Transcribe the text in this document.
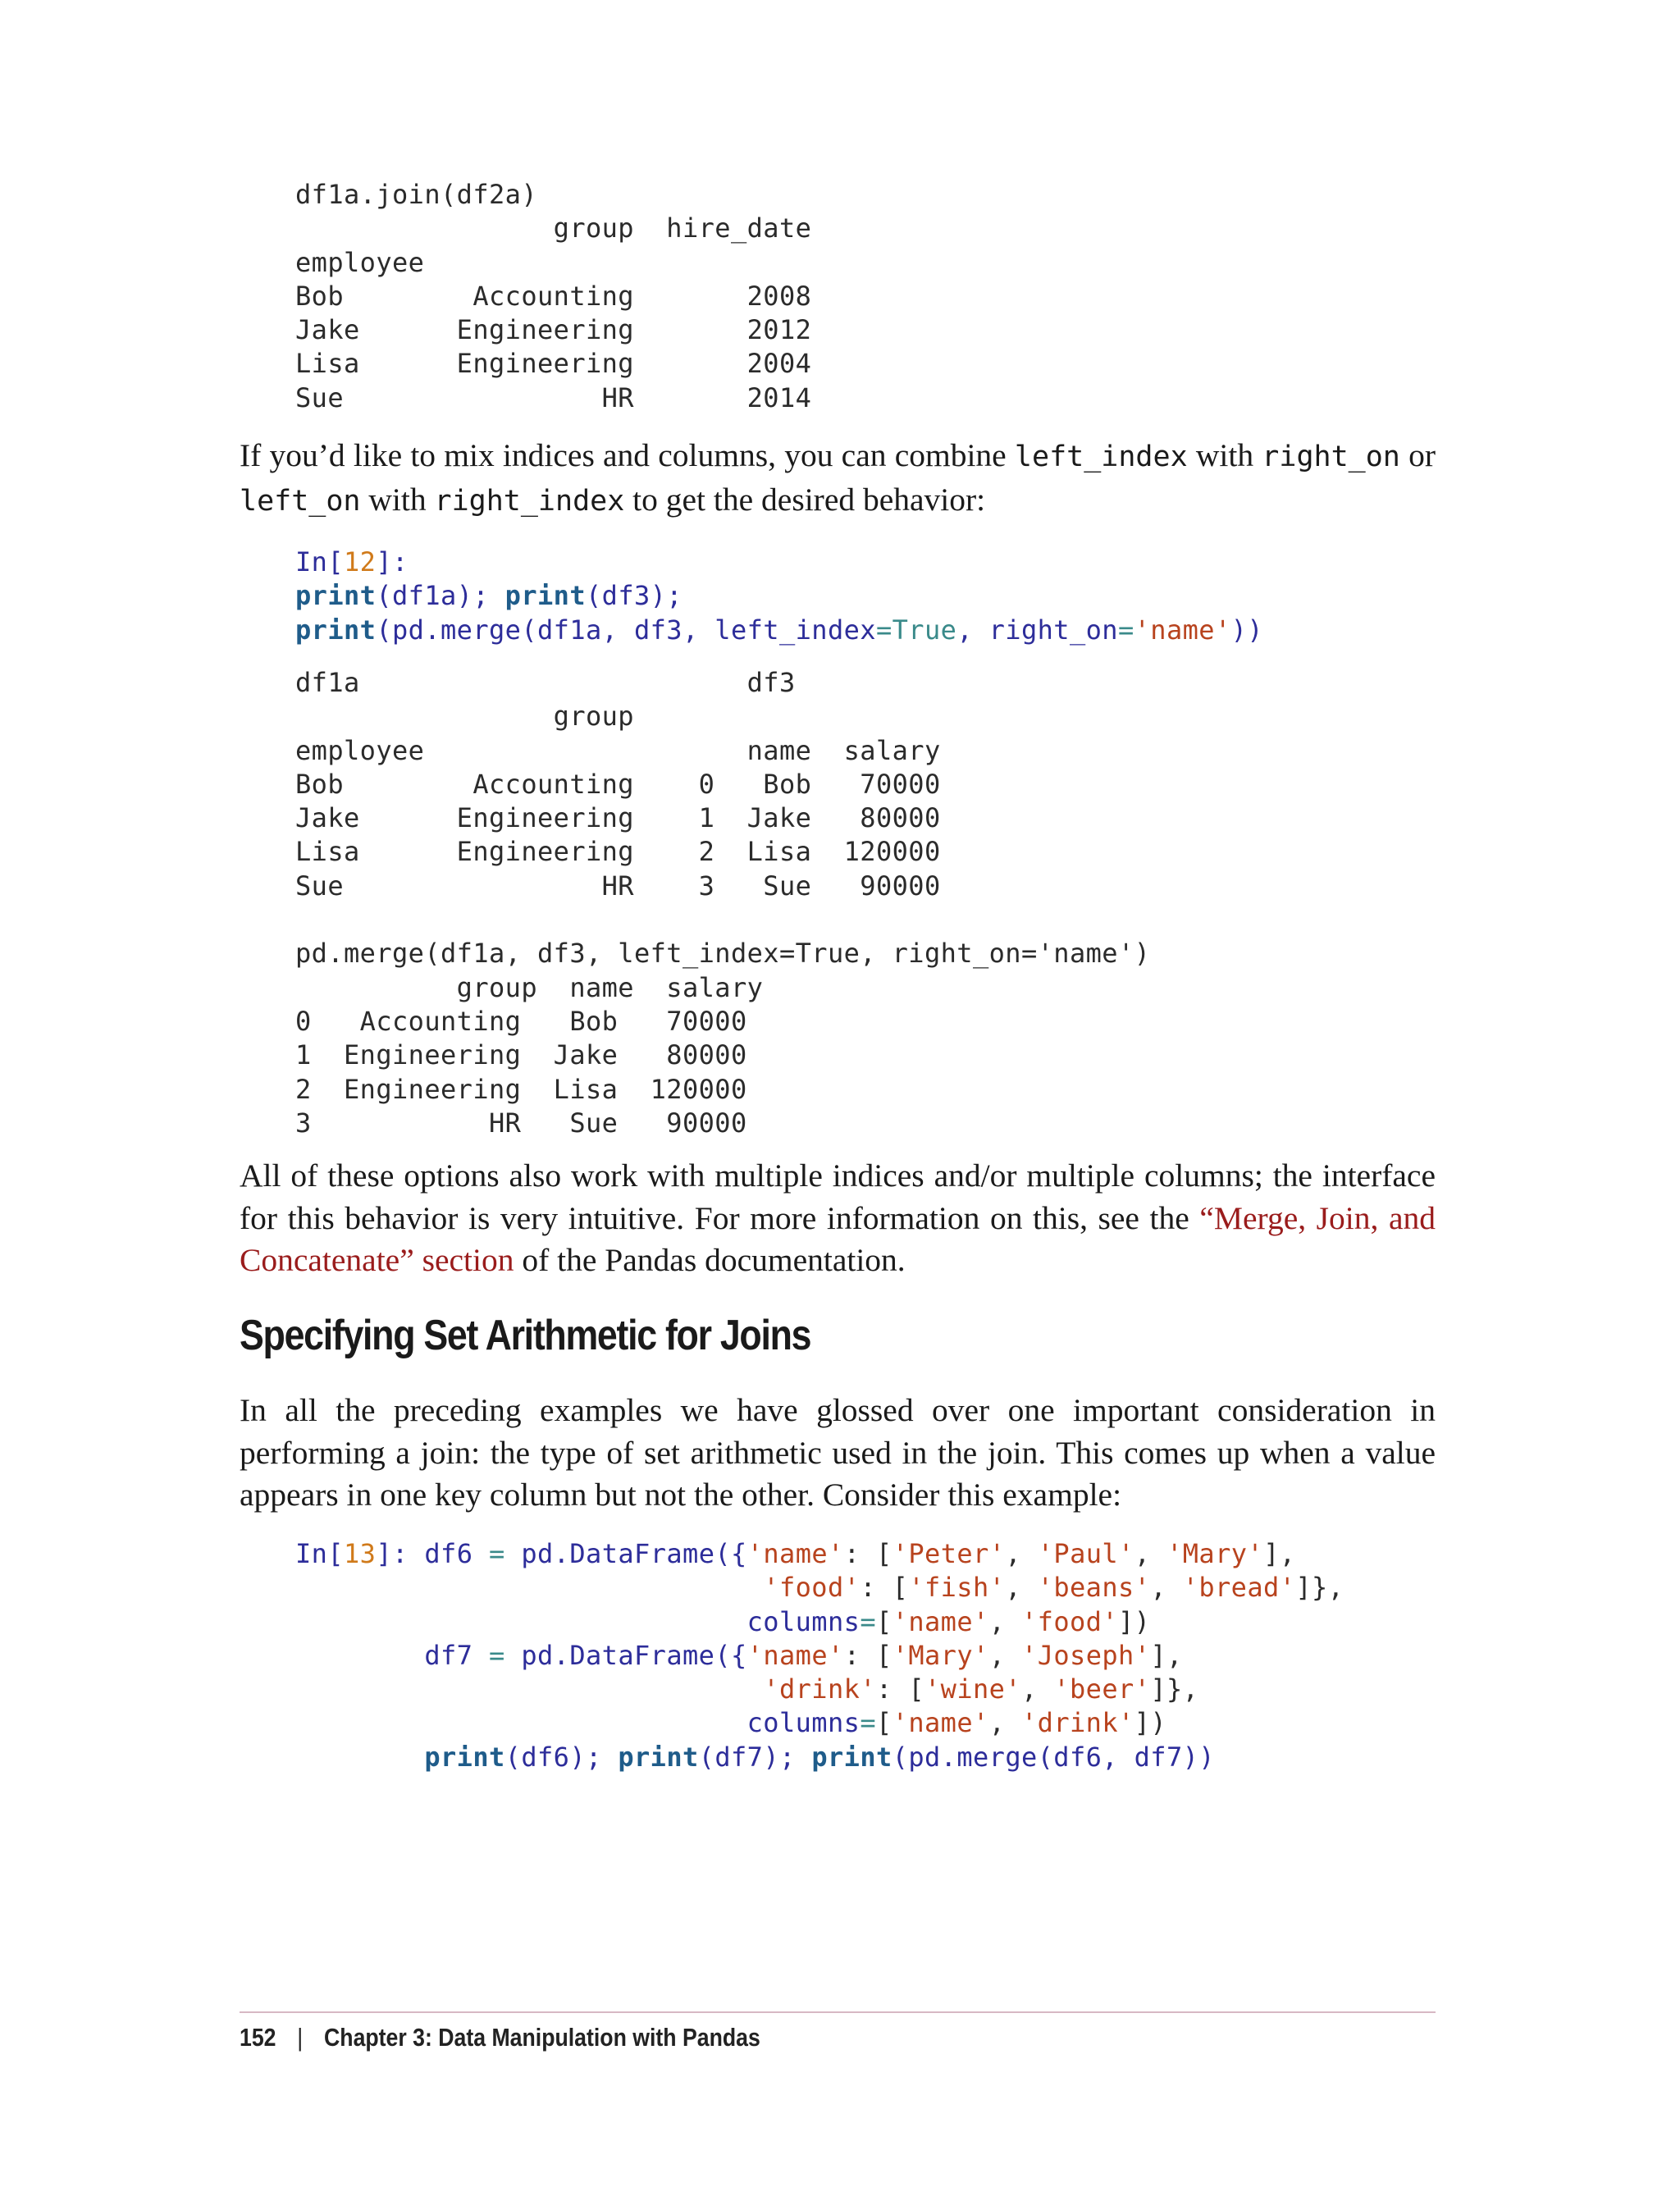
df1a.join(df2a)
group  hire_date
employee
Bob        Accounting       2008
Jake      Engineering       2012
Lisa      Engineering       2004
Sue                HR       2014

If you’d like to mix indices and columns, you can combine left_index with right_on or left_on with right_index to get the desired behavior:

In[12]:
print(df1a); print(df3);
print(pd.merge(df1a, df3, left_index=True, right_on='name'))
df1a                        df3
group
employee                    name  salary
Bob        Accounting    0   Bob   70000
Jake      Engineering    1  Jake   80000
Lisa      Engineering    2  Lisa  120000
Sue                HR    3   Sue   90000

pd.merge(df1a, df3, left_index=True, right_on='name')
group  name  salary
0   Accounting   Bob   70000
1  Engineering  Jake   80000
2  Engineering  Lisa  120000
3           HR   Sue   90000

All of these options also work with multiple indices and/or multiple columns; the interface for this behavior is very intuitive. For more information on this, see the “Merge, Join, and Concatenate” section of the Pandas documentation.

Specifying Set Arithmetic for Joins

In all the preceding examples we have glossed over one important consideration in performing a join: the type of set arithmetic used in the join. This comes up when a value appears in one key column but not the other. Consider this example:

In[13]: df6 = pd.DataFrame({'name': ['Peter', 'Paul', 'Mary'],
'food': ['fish', 'beans', 'bread']},
columns=['name', 'food'])
df7 = pd.DataFrame({'name': ['Mary', 'Joseph'],
'drink': ['wine', 'beer']},
columns=['name', 'drink'])
print(df6); print(df7); print(pd.merge(df6, df7))
152 | Chapter 3: Data Manipulation with Pandas
